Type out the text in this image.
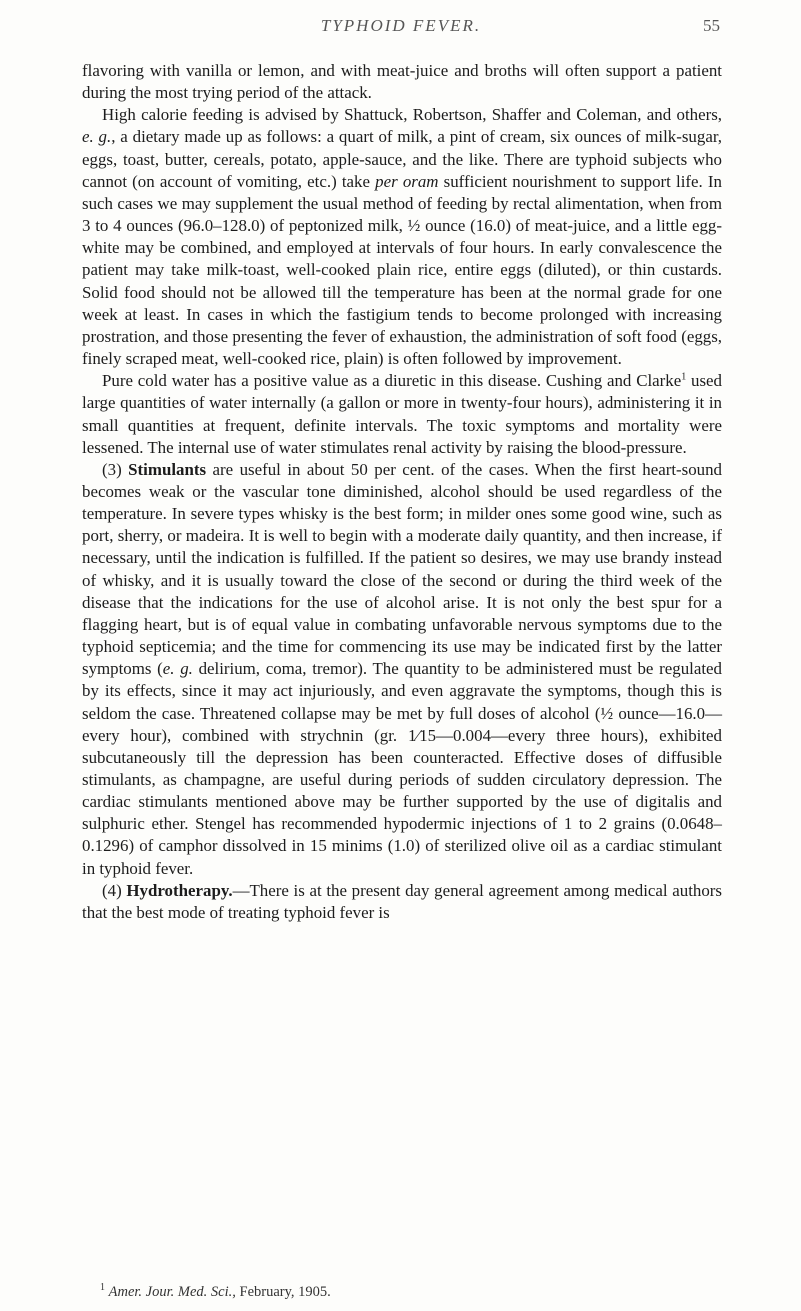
TYPHOID FEVER.	55

flavoring with vanilla or lemon, and with meat-juice and broths will often support a patient during the most trying period of the attack.

High calorie feeding is advised by Shattuck, Robertson, Shaffer and Coleman, and others, e. g., a dietary made up as follows: a quart of milk, a pint of cream, six ounces of milk-sugar, eggs, toast, butter, cereals, potato, apple-sauce, and the like. There are typhoid subjects who cannot (on account of vomiting, etc.) take per oram sufficient nourishment to support life. In such cases we may supplement the usual method of feeding by rectal alimentation, when from 3 to 4 ounces (96.0–128.0) of peptonized milk, ½ ounce (16.0) of meat-juice, and a little egg-white may be combined, and employed at intervals of four hours. In early convalescence the patient may take milk-toast, well-cooked plain rice, entire eggs (diluted), or thin custards. Solid food should not be allowed till the temperature has been at the normal grade for one week at least. In cases in which the fastigium tends to become prolonged with increasing prostration, and those presenting the fever of exhaustion, the administration of soft food (eggs, finely scraped meat, well-cooked rice, plain) is often followed by improvement.

Pure cold water has a positive value as a diuretic in this disease. Cushing and Clarke$^1$ used large quantities of water internally (a gallon or more in twenty-four hours), administering it in small quantities at frequent, definite intervals. The toxic symptoms and mortality were lessened. The internal use of water stimulates renal activity by raising the blood-pressure.

(3) Stimulants are useful in about 50 per cent. of the cases. When the first heart-sound becomes weak or the vascular tone diminished, alcohol should be used regardless of the temperature. In severe types whisky is the best form; in milder ones some good wine, such as port, sherry, or madeira. It is well to begin with a moderate daily quantity, and then increase, if necessary, until the indication is fulfilled. If the patient so desires, we may use brandy instead of whisky, and it is usually toward the close of the second or during the third week of the disease that the indications for the use of alcohol arise. It is not only the best spur for a flagging heart, but is of equal value in combating unfavorable nervous symptoms due to the typhoid septicemia; and the time for commencing its use may be indicated first by the latter symptoms (e. g. delirium, coma, tremor). The quantity to be administered must be regulated by its effects, since it may act injuriously, and even aggravate the symptoms, though this is seldom the case. Threatened collapse may be met by full doses of alcohol (½ ounce—16.0—every hour), combined with strychnin (gr. 1⁄15—0.004—every three hours), exhibited subcutaneously till the depression has been counteracted. Effective doses of diffusible stimulants, as champagne, are useful during periods of sudden circulatory depression. The cardiac stimulants mentioned above may be further supported by the use of digitalis and sulphuric ether. Stengel has recommended hypodermic injections of 1 to 2 grains (0.0648–0.1296) of camphor dissolved in 15 minims (1.0) of sterilized olive oil as a cardiac stimulant in typhoid fever.

(4) Hydrotherapy.—There is at the present day general agreement among medical authors that the best mode of treating typhoid fever is

$^1$ Amer. Jour. Med. Sci., February, 1905.
